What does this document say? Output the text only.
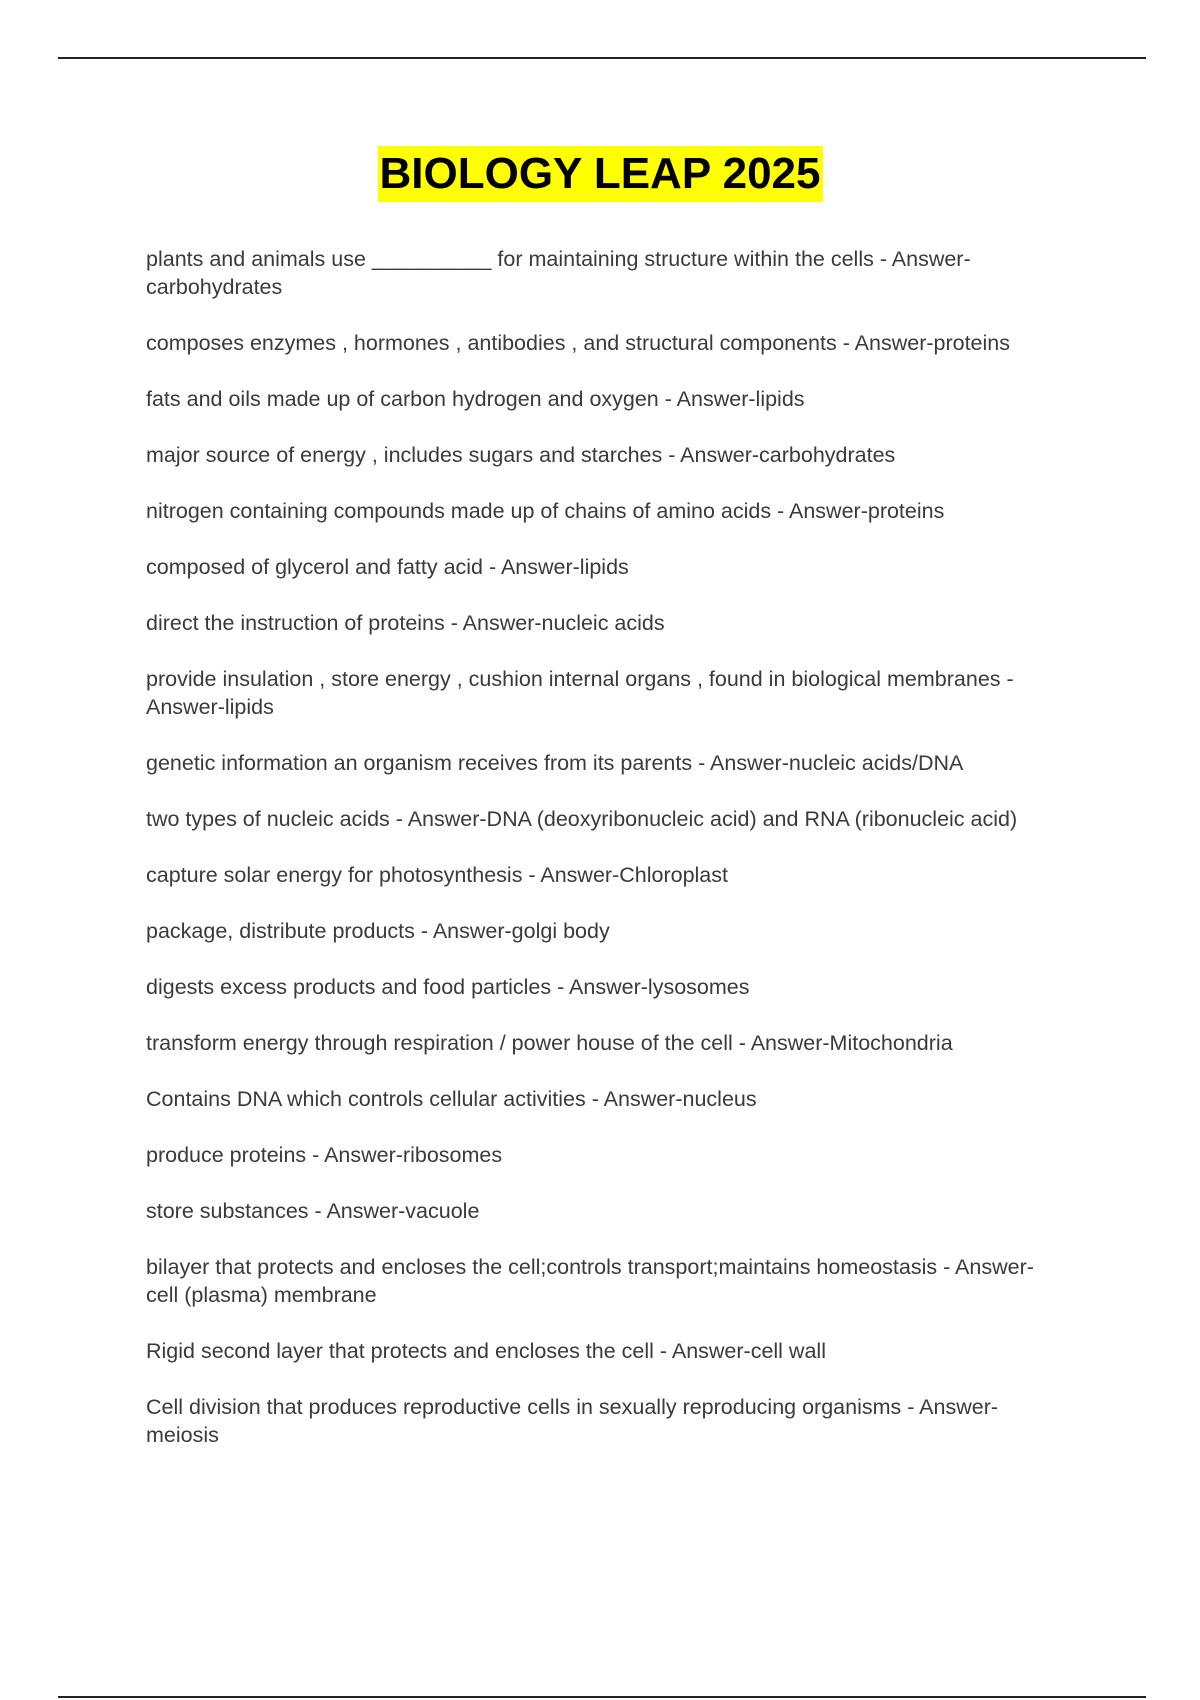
BIOLOGY LEAP 2025
plants and animals use __________ for maintaining structure within the cells - Answer-carbohydrates
composes enzymes , hormones , antibodies , and structural components - Answer-proteins
fats and oils made up of carbon hydrogen and oxygen - Answer-lipids
major source of energy , includes sugars and starches - Answer-carbohydrates
nitrogen containing compounds made up of chains of amino acids - Answer-proteins
composed of glycerol and fatty acid - Answer-lipids
direct the instruction of proteins - Answer-nucleic acids
provide insulation , store energy , cushion internal organs , found in biological membranes - Answer-lipids
genetic information an organism receives from its parents - Answer-nucleic acids/DNA
two types of nucleic acids - Answer-DNA (deoxyribonucleic acid) and RNA (ribonucleic acid)
capture solar energy for photosynthesis - Answer-Chloroplast
package, distribute products - Answer-golgi body
digests excess products and food particles - Answer-lysosomes
transform energy through respiration / power house of the cell - Answer-Mitochondria
Contains DNA which controls cellular activities - Answer-nucleus
produce proteins - Answer-ribosomes
store substances - Answer-vacuole
bilayer that protects and encloses the cell;controls transport;maintains homeostasis - Answer-cell (plasma) membrane
Rigid second layer that protects and encloses the cell - Answer-cell wall
Cell division that produces reproductive cells in sexually reproducing organisms - Answer-meiosis
